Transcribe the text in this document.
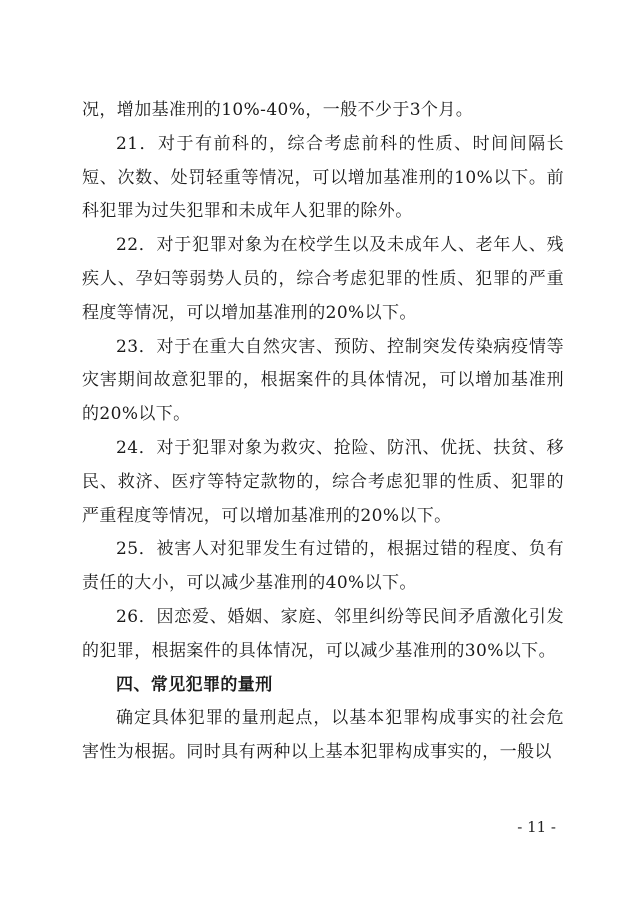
况，增加基准刑的10%-40%，一般不少于3个月。

21．对于有前科的，综合考虑前科的性质、时间间隔长短、次数、处罚轻重等情况，可以增加基准刑的10%以下。前科犯罪为过失犯罪和未成年人犯罪的除外。

22．对于犯罪对象为在校学生以及未成年人、老年人、残疾人、孕妇等弱势人员的，综合考虑犯罪的性质、犯罪的严重程度等情况，可以增加基准刑的20%以下。

23．对于在重大自然灾害、预防、控制突发传染病疫情等灾害期间故意犯罪的，根据案件的具体情况，可以增加基准刑的20%以下。

24．对于犯罪对象为救灾、抢险、防汛、优抚、扶贫、移民、救济、医疗等特定款物的，综合考虑犯罪的性质、犯罪的严重程度等情况，可以增加基准刑的20%以下。

25．被害人对犯罪发生有过错的，根据过错的程度、负有责任的大小，可以减少基准刑的40%以下。

26．因恋爱、婚姻、家庭、邻里纠纷等民间矛盾激化引发的犯罪，根据案件的具体情况，可以减少基准刑的30%以下。

四、常见犯罪的量刑

确定具体犯罪的量刑起点，以基本犯罪构成事实的社会危害性为根据。同时具有两种以上基本犯罪构成事实的，一般以

- 11 -
